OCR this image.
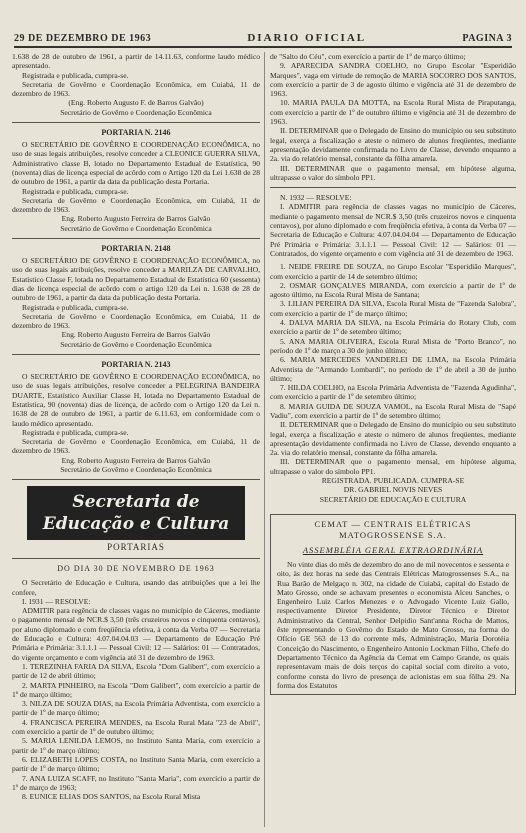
29 DE DEZEMBRO DE 1963	DIARIO OFICIAL	PAGINA 3

1.638 de 28 de outubro de 1961, a partir de 14.11.63, conforme laudo médico apresentado.

Registrada e publicada, cumpra-se.

Secretaria de Govêrno e Coordenação Econômica, em Cuiabá, 11 de dezembro de 1963.

(Eng. Roberto Augusto F. de Barros Galvão)

Secretário de Govêrno e Coordenação Econômica

PORTARIA N. 2146

O SECRETÁRIO DE GOVÊRNO E COORDENAÇÃO ECONÔMICA, no uso de suas legais atribuições, resolve conceder a CLEONICE GUERRA SILVA, Administrativo classe B, lotado no Departamento Estadual de Estatística, 90 (noventa) dias de licença especial de acôrdo com o Artigo 120 da Lei 1.638 de 28 de outubro de 1961, a partir da data da publicação desta Portaria.

Registrada e publicada, cumpra-se.

Secretaria de Govêrno e Coordenação Econômica, em Cuiabá, 11 de dezembro de 1963.

Eng. Roberto Augusto Ferreira de Barros Galvão

Secretário de Govêrno e Coordenação Econômica

PORTARIA N. 2148

O SECRETÁRIO DE GOVÊRNO E COORDENAÇÃO ECONÔMICA, no uso de suas legais atribuições, resolve conceder a MARILZA DE CARVALHO, Estatístico Classe F, lotada no Departamento Estadual de Estatística 60 (sessenta) dias de licença especial de acôrdo com o artigo 120 da Lei n. 1.638 de 28 de outubro de 1961, a partir da data da publicação desta Portaria.

Registrada e publicada, cumpra-se.

Secretaria de Govêrno e Coordenação Econômica, em Cuiabá, 11 de dezembro de 1963.

Eng. Roberto Augusto Ferreira de Barros Galvão

Secretário de Govêrno e Coordenação Econômica

PORTARIA N. 2143

O SECRETÁRIO DE GOVÊRNO E COORDENAÇÃO ECONÔMICA, no uso de suas legais atribuições, resolve conceder a PELEGRINA BANDEIRA DUARTE, Estatístico Auxiliar Classe H, lotada no Departamento Estadual de Estatística, 90 (noventa) dias de licença, de acôrdo com o Artigo 120 da Lei n. 1638 de 28 de outubro de 1961, a partir de 6.11.63, em conformidade com o laudo médico apresentado.

Registrada e publicada, cumpra-se.

Secretaria de Govêrno e Coordenação Econômica, em Cuiabá, 11 de dezembro de 1963.

Eng. Roberto Augusto Ferreira de Barros Galvão

Secretário de Govêrno e Coordenação Econômica

Secretaria de Educação e Cultura

PORTARIAS

DO DIA 30 DE NOVEMBRO DE 1963

O Secretário de Educação e Cultura, usando das atribuições que a lei lhe confere,

I. 1931 — RESOLVE:

ADMITIR para regência de classes vagas no município de Cáceres, mediante o pagamento mensal de NCR.$ 3,50 (três cruzeiros novos e cinquenta centavos), por aluno diplomado e com freqüência efetiva, à conta da Verba 07 — Secretaria de Educação e Cultura: 4.07.04.04.03 — Departamento de Educação Pré Primária e Primária: 3.1.1.1 — Pessoal Civil: 12 — Salários: 01 — Contratados, do vigente orçamento e com vigência até 31 de dezembro de 1963.

1. TEREZINHA FARIA DA SILVA, Escola "Dom Galibert", com exercício a partir de 12 de abril último;

2. MARTA PINHEIRO, na Escola "Dom Galibert", com exercício a partir de 1º de março último;

3. NILZA DE SOUZA DIAS, na Escola Primária Adventista, com exercício a partir de 1º de março último;

4. FRANCISCA PEREIRA MENDES, na Escola Rural Mata "23 de Abril", com exercício a partir de 1º de outubro último;

5. MARIA LENILDA LEMOS, no Instituto Santa Maria, com exercício a partir de 1º de março último;

6. ELIZABETH LOPES COSTA, no Instituto Santa Maria, com exercício a partir de 1º de março último;

7. ANA LUIZA SCAFF, no Instituto "Santa Maria", com exercício a partir de 1º de março de 1963;

8. EUNICE ELIAS DOS SANTOS, na Escola Rural Mista

de "Salto do Céu", com exercício a partir de 1º de março último;

9. APARECIDA SANDRA COELHO, no Grupo Escolar "Esperidião Marques", vaga em virtude de remoção de MARIA SOCORRO DOS SANTOS, com exercício a partir de 3 de agosto último e vigência até 31 de dezembro de 1963.

10. MARIA PAULA DA MOTTA, na Escola Rural Mista de Piraputanga, com exercício a partir de 1º de outubro último e vigência até 31 de dezembro de 1963.

II. DETERMINAR que o Delegado de Ensino do município ou seu substituto legal, exerça a fiscalização e ateste o número de alunos freqüentes, mediante apresentação devidamente confirmada no Livro de Classe, devendo enquanto a 2a. via do relatório mensal, constante da fôlha amarela.

III. DETERMINAR que o pagamento mensal, em hipótese alguma, ultrapasse o valor do símbolo PP1.

N. 1932 — RESOLVE:

I. ADMITIR para regência de classes vagas no município de Cáceres, mediante o pagamento mensal de NCR.$ 3,50 (três cruzeiros novos e cinquenta centavos), por aluno diplomado e com freqüência efetiva, à conta da Verba 07 — Secretaria de Educação e Cultura: 4.07.04.04.04 — Departamento de Educação Pré Primária e Primária: 3.1.1.1 — Pessoal Civil: 12 — Salários: 01 — Contratados, do vigente orçamento e com vigência até 31 de dezembro de 1963.

1. NEIDE FREIRE DE SOUZA, no Grupo Escolar "Esperidião Marques", com exercício a partir de 14 de setembro último;

2. OSMAR GONÇALVES MIRANDA, com exercício a partir de 1º de agosto último, na Escola Rural Mista de Santana;

3. LILIAN PEREIRA DA SILVA, Escola Rural Mista de "Fazenda Salobra", com exercício a partir de 1º de março último;

4. DALVA MARIA DA SILVA, na Escola Primária do Rotary Club, com exercício a partir de 1º de setembro último;

5. ANA MARIA OLIVEIRA, Escola Rural Mista de "Porto Branco", no período de 1º de março a 30 de junho último;

6. MARIA MERCEDES VANDERLEI DE LIMA, na Escola Primária Adventista de "Armando Lombardi", no período de 1º de abril a 30 de junho último;

7. HILDA COELHO, na Escola Primária Adventista de "Fazenda Agudinha", com exercício a partir de 1º de setembro último;

8. MARIA GUIDA DE SOUZA VAMOL, na Escola Rural Mista de "Sapé Vadiu", com exercício a partir de 1º de setembro último;

II. DETERMINAR que o Delegado de Ensino do município ou seu substituto legal, exerça a fiscalização e ateste o número de alunos freqüentes, mediante apresentação devidamente confirmada no Livro de Classe, devendo enquanto a 2a. via do relatório mensal, constante da fôlha amarela.

III. DETERMINAR que o pagamento mensal, em hipótese alguma, ultrapasse o valor do símbolo PP1.

REGISTRADA. PUBLICADA. CUMPRA-SE

DR. GABRIEL NOVIS NEVES

SECRETÁRIO DE EDUCAÇÃO E CULTURA

CEMAT — CENTRAIS ELÉTRICAS MATOGROSSENSE S.A.

ASSEMBLÉIA GERAL EXTRAORDINÁRIA

No vinte dias do mês de dezembro do ano de mil novecentos e sessenta e oito, às dez horas na sede das Centrais Elétricas Matogrossenses S.A., na Rua Barão de Melgaço n. 302, na cidade de Cuiabá, capital do Estado de Mato Grosso, onde se achavam presentes o economista Alceu Sanches, o Engenheiro Luiz Carlos Menezes e o Advogado Vicente Luiz Gallo, respectivamente Diretor Presidente, Diretor Técnico e Diretor Administrativo da Central, Senhor Delpidio Sant'anna Rocha de Mattos, êste representando o Govêrno do Estado de Mato Grosso, na forma do Ofício GE 563 de 13 do corrente mês, Administração, Maria Dorotéia Conceição do Nascimento, o Engenheiro Antonio Lockman Filho, Chefe do Departamento Técnico da Agência da Cemat em Campo Grande, os quais representavam mais de dois terços do capital social com direito a voto, conforme consta do livro de presença de acionistas em sua fôlha 29. Na forma dos Estatutos
